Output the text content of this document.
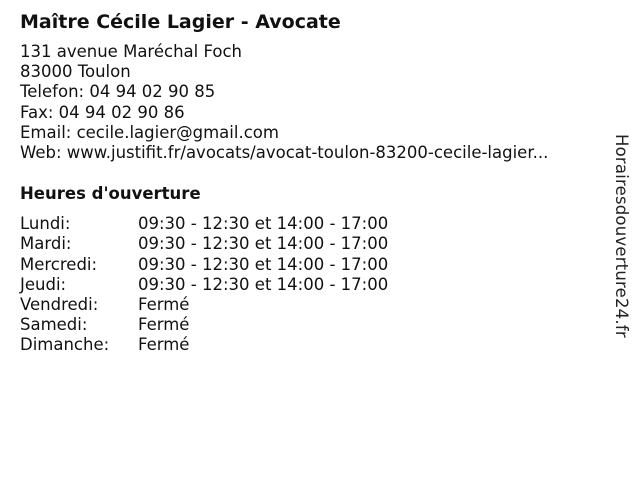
Maître Cécile Lagier - Avocate
131 avenue Maréchal Foch
83000 Toulon
Telefon: 04 94 02 90 85
Fax: 04 94 02 90 86
Email: cecile.lagier@gmail.com
Web: www.justifit.fr/avocats/avocat-toulon-83200-cecile-lagier...
Heures d'ouverture
Lundi:	09:30 - 12:30 et 14:00 - 17:00
Mardi:	09:30 - 12:30 et 14:00 - 17:00
Mercredi:	09:30 - 12:30 et 14:00 - 17:00
Jeudi:	09:30 - 12:30 et 14:00 - 17:00
Vendredi:	Fermé
Samedi:	Fermé
Dimanche:	Fermé
Horairesdouverture24.fr
